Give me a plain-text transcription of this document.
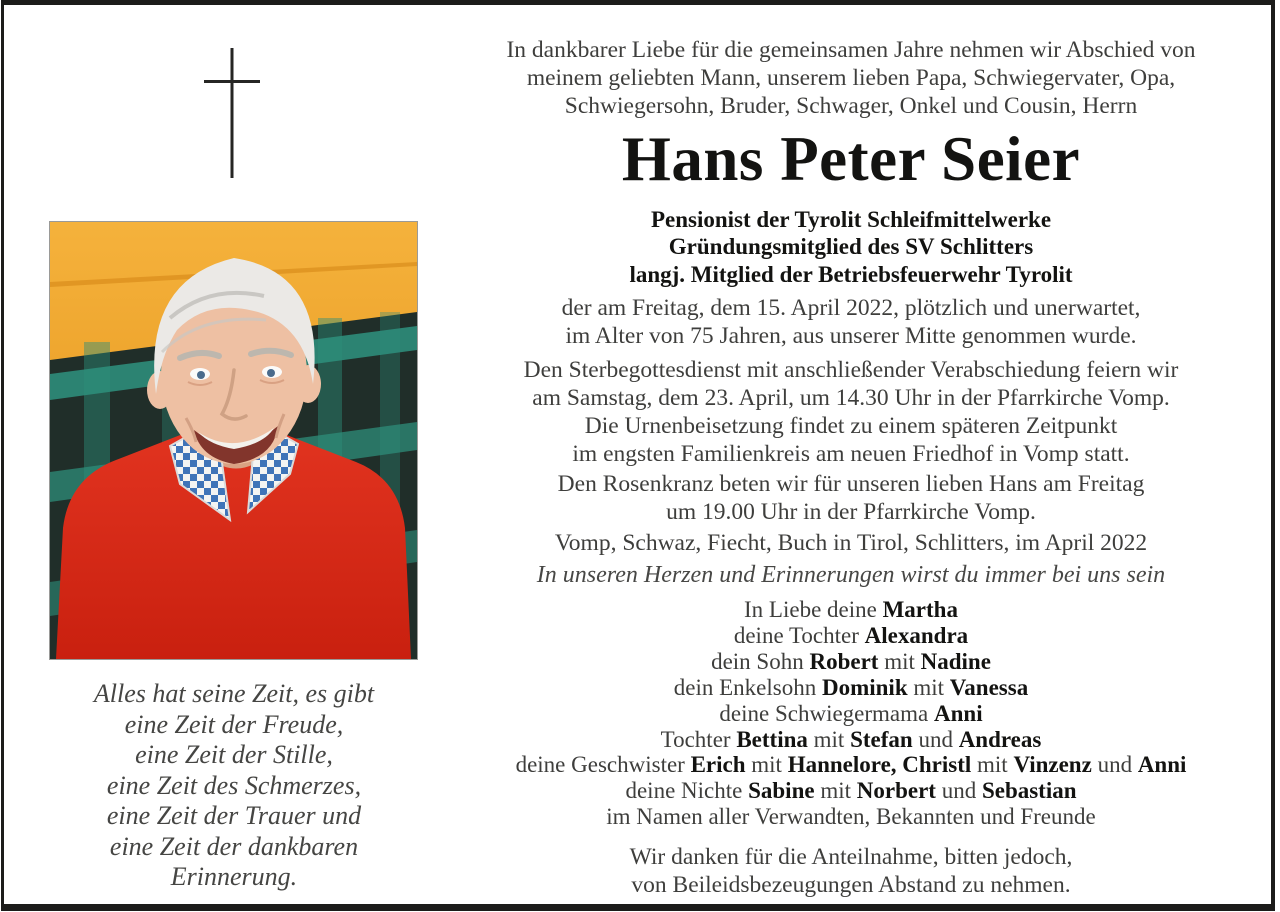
Alles hat seine Zeit, es gibt
eine Zeit der Freude,
eine Zeit der Stille,
eine Zeit des Schmerzes,
eine Zeit der Trauer und
eine Zeit der dankbaren
Erinnerung.
In dankbarer Liebe für die gemeinsamen Jahre nehmen wir Abschied von
meinem geliebten Mann, unserem lieben Papa, Schwiegervater, Opa,
Schwiegersohn, Bruder, Schwager, Onkel und Cousin, Herrn
Hans Peter Seier
Pensionist der Tyrolit Schleifmittelwerke
Gründungsmitglied des SV Schlitters
langj. Mitglied der Betriebsfeuerwehr Tyrolit
der am Freitag, dem 15. April 2022, plötzlich und unerwartet,
im Alter von 75 Jahren, aus unserer Mitte genommen wurde.
Den Sterbegottesdienst mit anschließender Verabschiedung feiern wir
am Samstag, dem 23. April, um 14.30 Uhr in der Pfarrkirche Vomp.
Die Urnenbeisetzung findet zu einem späteren Zeitpunkt
im engsten Familienkreis am neuen Friedhof in Vomp statt.
Den Rosenkranz beten wir für unseren lieben Hans am Freitag
um 19.00 Uhr in der Pfarrkirche Vomp.
Vomp, Schwaz, Fiecht, Buch in Tirol, Schlitters, im April 2022
In unseren Herzen und Erinnerungen wirst du immer bei uns sein
In Liebe deine Martha
deine Tochter Alexandra
dein Sohn Robert mit Nadine
dein Enkelsohn Dominik mit Vanessa
deine Schwiegermama Anni
Tochter Bettina mit Stefan und Andreas
deine Geschwister Erich mit Hannelore, Christl mit Vinzenz und Anni
deine Nichte Sabine mit Norbert und Sebastian
im Namen aller Verwandten, Bekannten und Freunde
Wir danken für die Anteilnahme, bitten jedoch,
von Beileidsbezeugungen Abstand zu nehmen.
